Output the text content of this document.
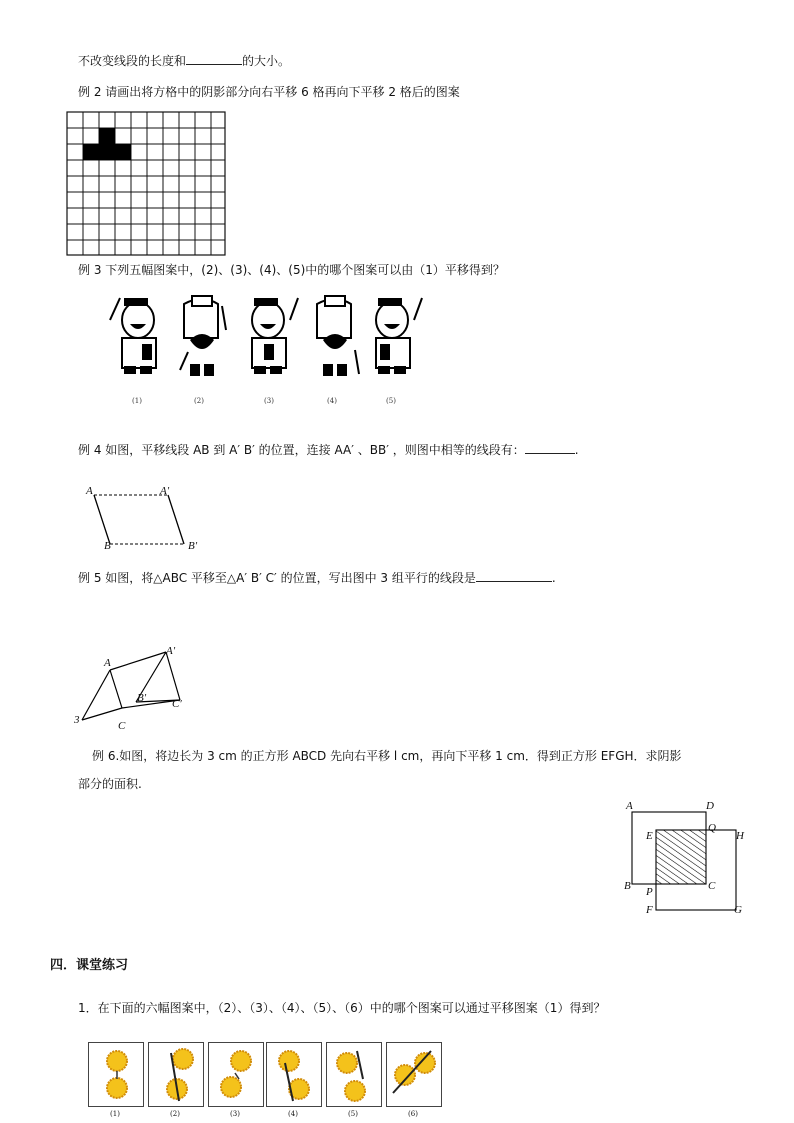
不改变线段的长度和	的大小。
例 2 请画出将方格中的阴影部分向右平移 6 格再向下平移 2 格后的图案
例 3 下列五幅图案中，(2)、(3)、(4)、(5)中的哪个图案可以由（1）平移得到？
(1)	(2)	(3)	(4)	(5)
例 4 如图，平移线段 AB 到 A′ B′ 的位置，连接 AA′ 、BB′ ，则图中相等的线段有：	.
A	A′
B	B′
例 5 如图，将△ABC 平移至△A′ B′ C′ 的位置，写出图中 3 组平行的线段是	.
A
A′
3
B′
C
C′
例 6.如图，将边长为 3 cm 的正方形 ABCD 先向右平移 l cm，再向下平移 1 cm．得到正方形 EFGH．求阴影
部分的面积.
A	D
E
Q
H
B P	C
F	G
四．课堂练习
1．在下面的六幅图案中，（2）、（3）、（4）、（5）、（6）中的哪个图案可以通过平移图案（1）得到？
(1)	(2)	(3)	(4)	(5)	(6)
